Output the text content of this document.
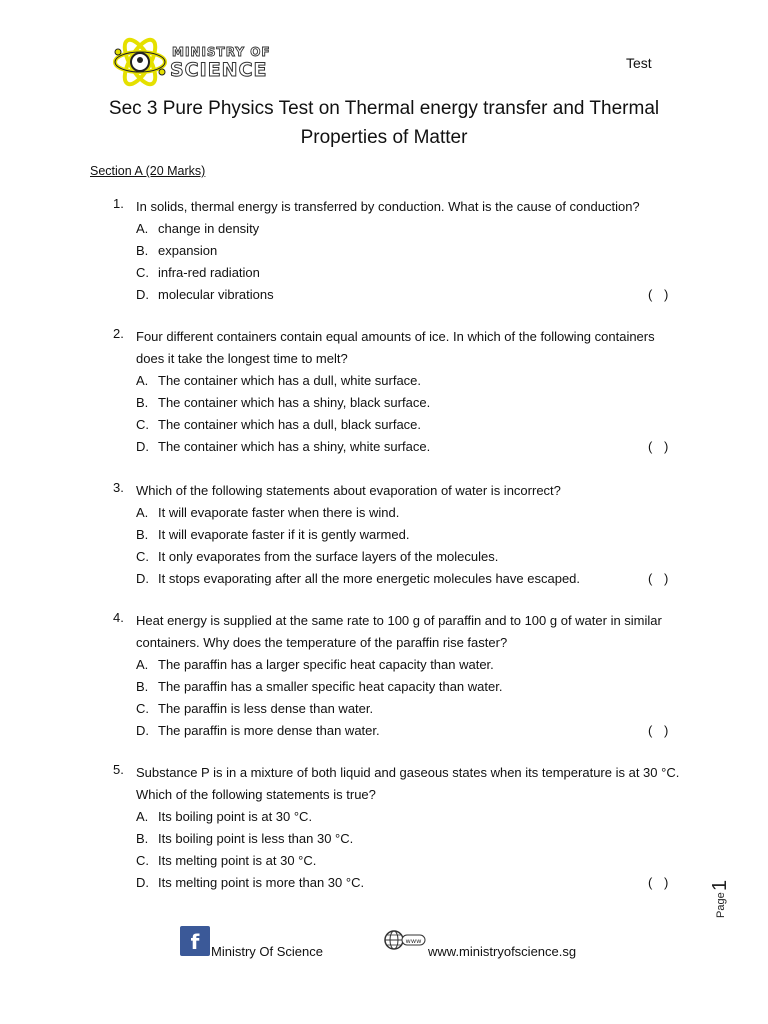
MINISTRY OF
SCIENCE	Test
Sec 3 Pure Physics Test on Thermal energy transfer and Thermal
Properties of Matter
Section A (20 Marks)
1. In solids, thermal energy is transferred by conduction. What is the cause of conduction?
A. change in density
B. expansion
C. infra-red radiation
D. molecular vibrations	( )
2. Four different containers contain equal amounts of ice. In which of the following containers does it take the longest time to melt?
A. The container which has a dull, white surface.
B. The container which has a shiny, black surface.
C. The container which has a dull, black surface.
D. The container which has a shiny, white surface.	( )
3. Which of the following statements about evaporation of water is incorrect?
A. It will evaporate faster when there is wind.
B. It will evaporate faster if it is gently warmed.
C. It only evaporates from the surface layers of the molecules.
D. It stops evaporating after all the more energetic molecules have escaped.	( )
4. Heat energy is supplied at the same rate to 100 g of paraffin and to 100 g of water in similar containers. Why does the temperature of the paraffin rise faster?
A. The paraffin has a larger specific heat capacity than water.
B. The paraffin has a smaller specific heat capacity than water.
C. The paraffin is less dense than water.
D. The paraffin is more dense than water.	( )
5. Substance P is in a mixture of both liquid and gaseous states when its temperature is at 30 °C. Which of the following statements is true?
A. Its boiling point is at 30 °C.
B. Its boiling point is less than 30 °C.
C. Its melting point is at 30 °C.
D. Its melting point is more than 30 °C.	( )
Page
1
f Ministry Of Science
www
www.ministryofscience.sg
